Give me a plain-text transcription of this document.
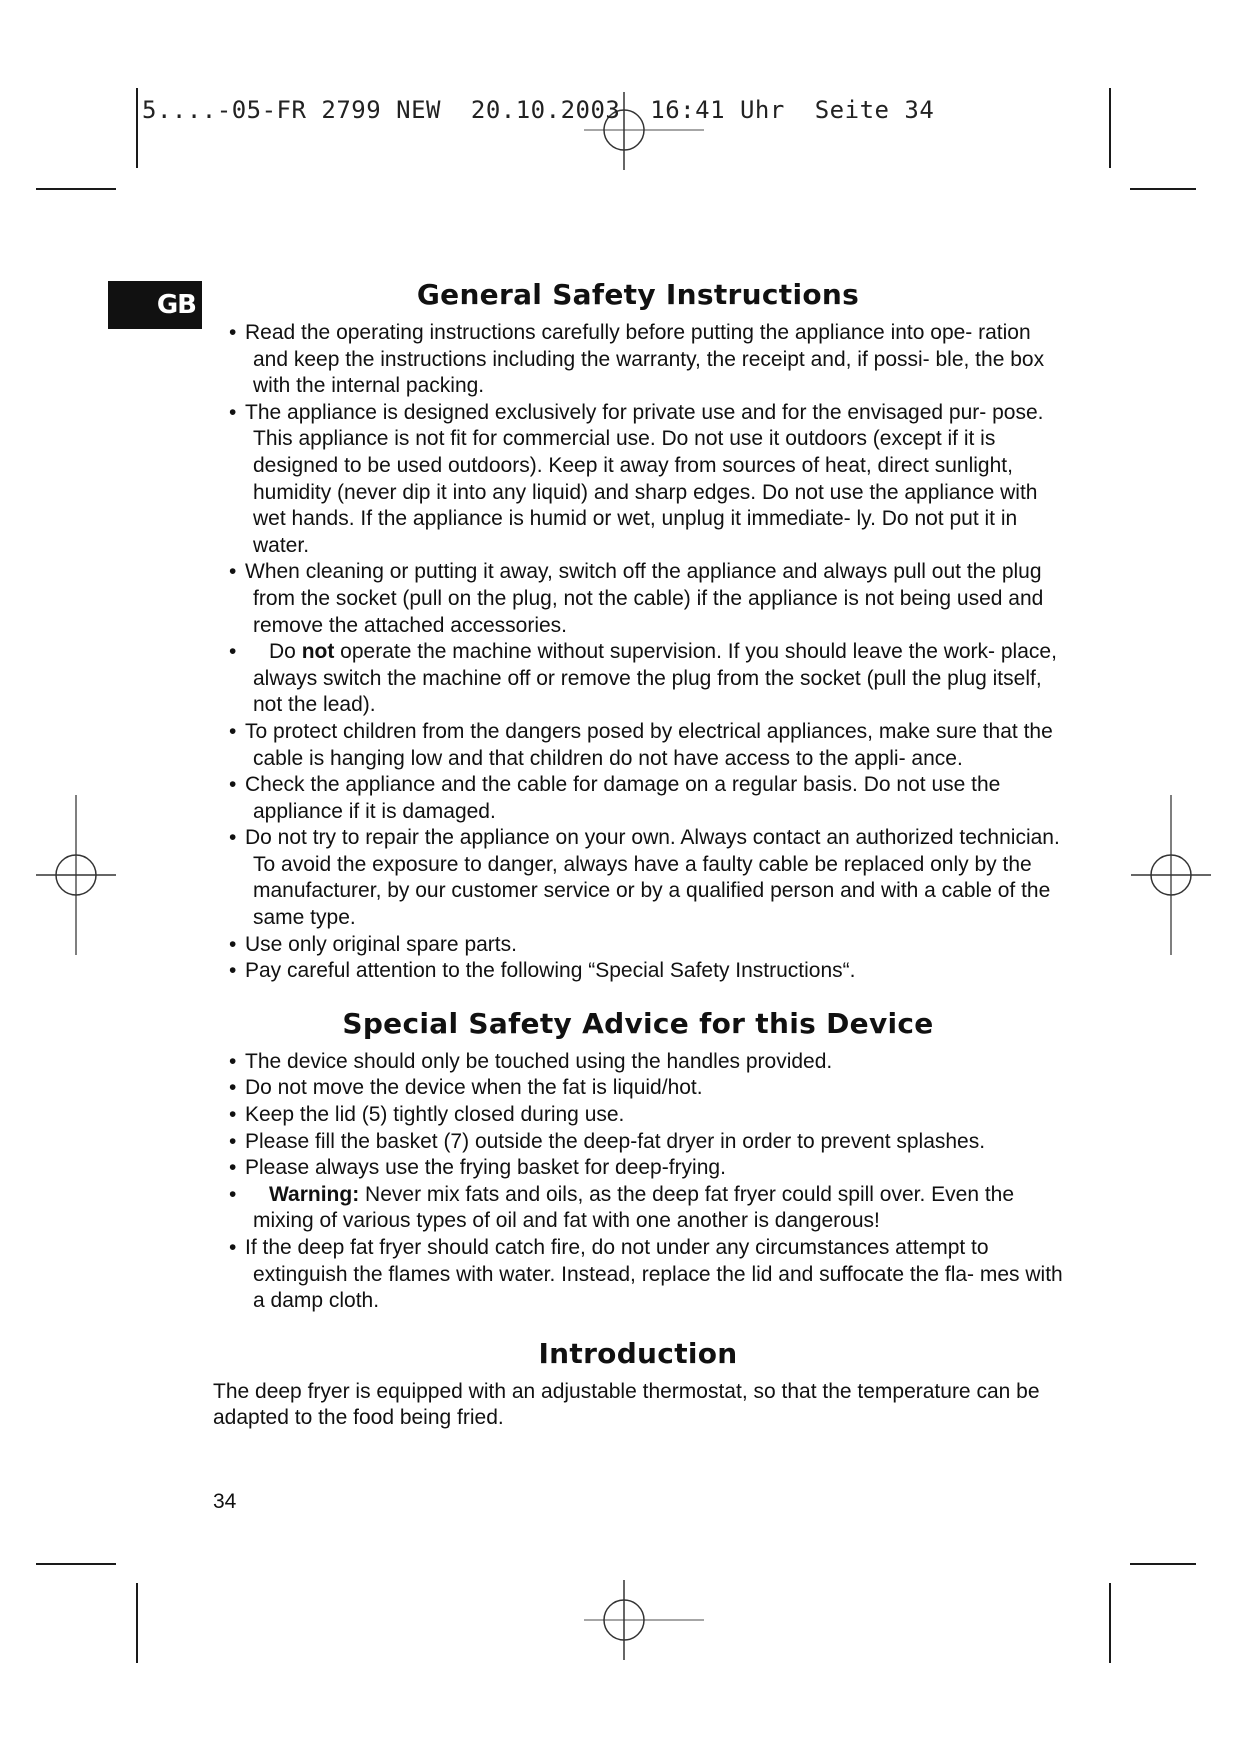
5....-05-FR 2799 NEW  20.10.2003  16:41 Uhr  Seite 34
GB	General Safety Instructions
• Read the operating instructions carefully before putting the appliance into ope- ration and keep the instructions including the warranty, the receipt and, if possi- ble, the box with the internal packing.
• The appliance is designed exclusively for private use and for the envisaged pur- pose. This appliance is not fit for commercial use. Do not use it outdoors (except if it is designed to be used outdoors). Keep it away from sources of heat, direct sunlight, humidity (never dip it into any liquid) and sharp edges. Do not use the appliance with wet hands. If the appliance is humid or wet, unplug it immediate- ly. Do not put it in water.
• When cleaning or putting it away, switch off the appliance and always pull out the plug from the socket (pull on the plug, not the cable) if the appliance is not being used and remove the attached accessories.
• Do not operate the machine without supervision. If you should leave the work- place, always switch the machine off or remove the plug from the socket (pull the plug itself, not the lead).
• To protect children from the dangers posed by electrical appliances, make sure that the cable is hanging low and that children do not have access to the appli- ance.
• Check the appliance and the cable for damage on a regular basis. Do not use the appliance if it is damaged.
• Do not try to repair the appliance on your own. Always contact an authorized technician. To avoid the exposure to danger, always have a faulty cable be replaced only by the manufacturer, by our customer service or by a qualified person and with a cable of the same type.
• Use only original spare parts.
• Pay careful attention to the following “Special Safety Instructions“.
Special Safety Advice for this Device
• The device should only be touched using the handles provided.
• Do not move the device when the fat is liquid/hot.
• Keep the lid (5) tightly closed during use.
• Please fill the basket (7) outside the deep-fat dryer in order to prevent splashes.
• Please always use the frying basket for deep-frying.
• Warning: Never mix fats and oils, as the deep fat fryer could spill over. Even the mixing of various types of oil and fat with one another is dangerous!
• If the deep fat fryer should catch fire, do not under any circumstances attempt to extinguish the flames with water. Instead, replace the lid and suffocate the fla- mes with a damp cloth.
Introduction

The deep fryer is equipped with an adjustable thermostat, so that the temperature can be adapted to the food being fried.

34
